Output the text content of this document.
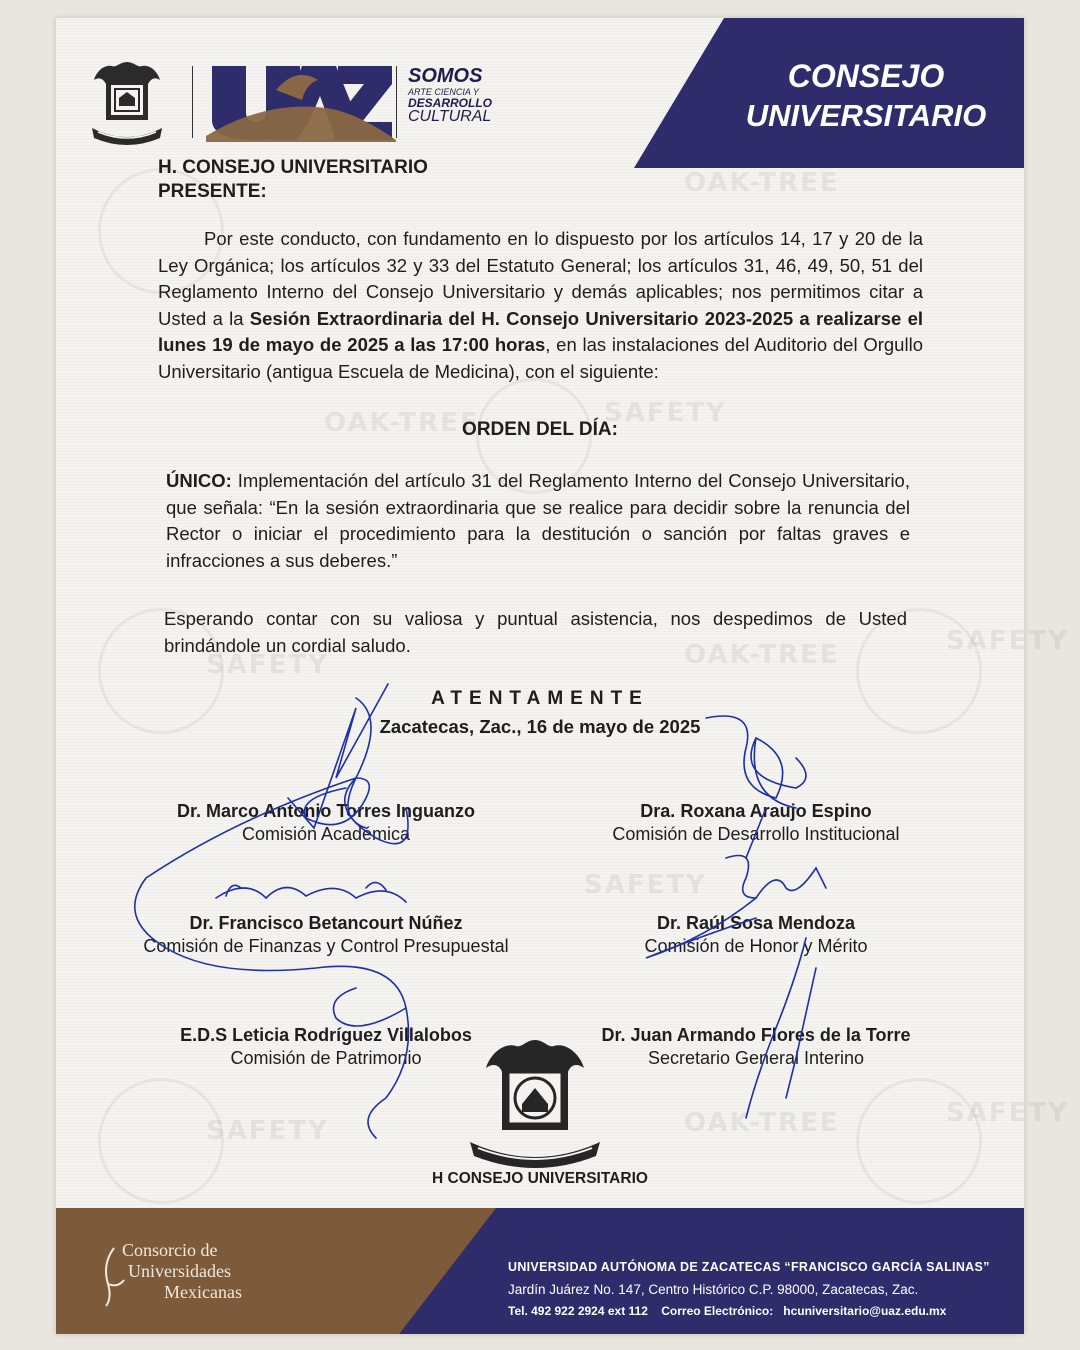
OAK-TREE
OAK-TREE	SAFETY
OAK-TREE
SAFETY
SAFETY
SAFETY
OAK-TREE
SAFETY
SAFETY
SOMOS
ARTE CIENCIA Y
DESARROLLO
CULTURAL
CONSEJO
UNIVERSITARIO
H. CONSEJO UNIVERSITARIO
PRESENTE:
Por este conducto, con fundamento en lo dispuesto por los artículos 14, 17 y 20 de la Ley Orgánica; los artículos 32 y 33 del Estatuto General; los artículos 31, 46, 49, 50, 51 del Reglamento Interno del Consejo Universitario y demás aplicables; nos permitimos citar a Usted a la Sesión Extraordinaria del H. Consejo Universitario 2023-2025 a realizarse el lunes 19 de mayo de 2025 a las 17:00 horas, en las instalaciones del Auditorio del Orgullo Universitario (antigua Escuela de Medicina), con el siguiente:
ORDEN DEL DÍA:
ÚNICO: Implementación del artículo 31 del Reglamento Interno del Consejo Universitario, que señala: “En la sesión extraordinaria que se realice para decidir sobre la renuncia del Rector o iniciar el procedimiento para la destitución o sanción por faltas graves e infracciones a sus deberes.”
Esperando contar con su valiosa y puntual asistencia, nos despedimos de Usted brindándole un cordial saludo.
ATENTAMENTE
Zacatecas, Zac., 16 de mayo de 2025
Dr. Marco Antonio Torres Inguanzo
Comisión Académica
Dra. Roxana Araujo Espino
Comisión de Desarrollo Institucional
Dr. Francisco Betancourt Núñez
Comisión de Finanzas y Control Presupuestal
Dr. Raúl Sosa Mendoza
Comisión de Honor y Mérito
E.D.S Leticia Rodríguez Villalobos
Comisión de Patrimonio
Dr. Juan Armando Flores de la Torre
Secretario General Interino
H CONSEJO UNIVERSITARIO
Consorcio de
Universidades
Mexicanas
UNIVERSIDAD AUTÓNOMA DE ZACATECAS “FRANCISCO GARCÍA SALINAS”
Jardín Juárez No. 147, Centro Histórico C.P. 98000, Zacatecas, Zac.
Tel. 492 922 2924 ext 112    Correo Electrónico:   hcuniversitario@uaz.edu.mx
